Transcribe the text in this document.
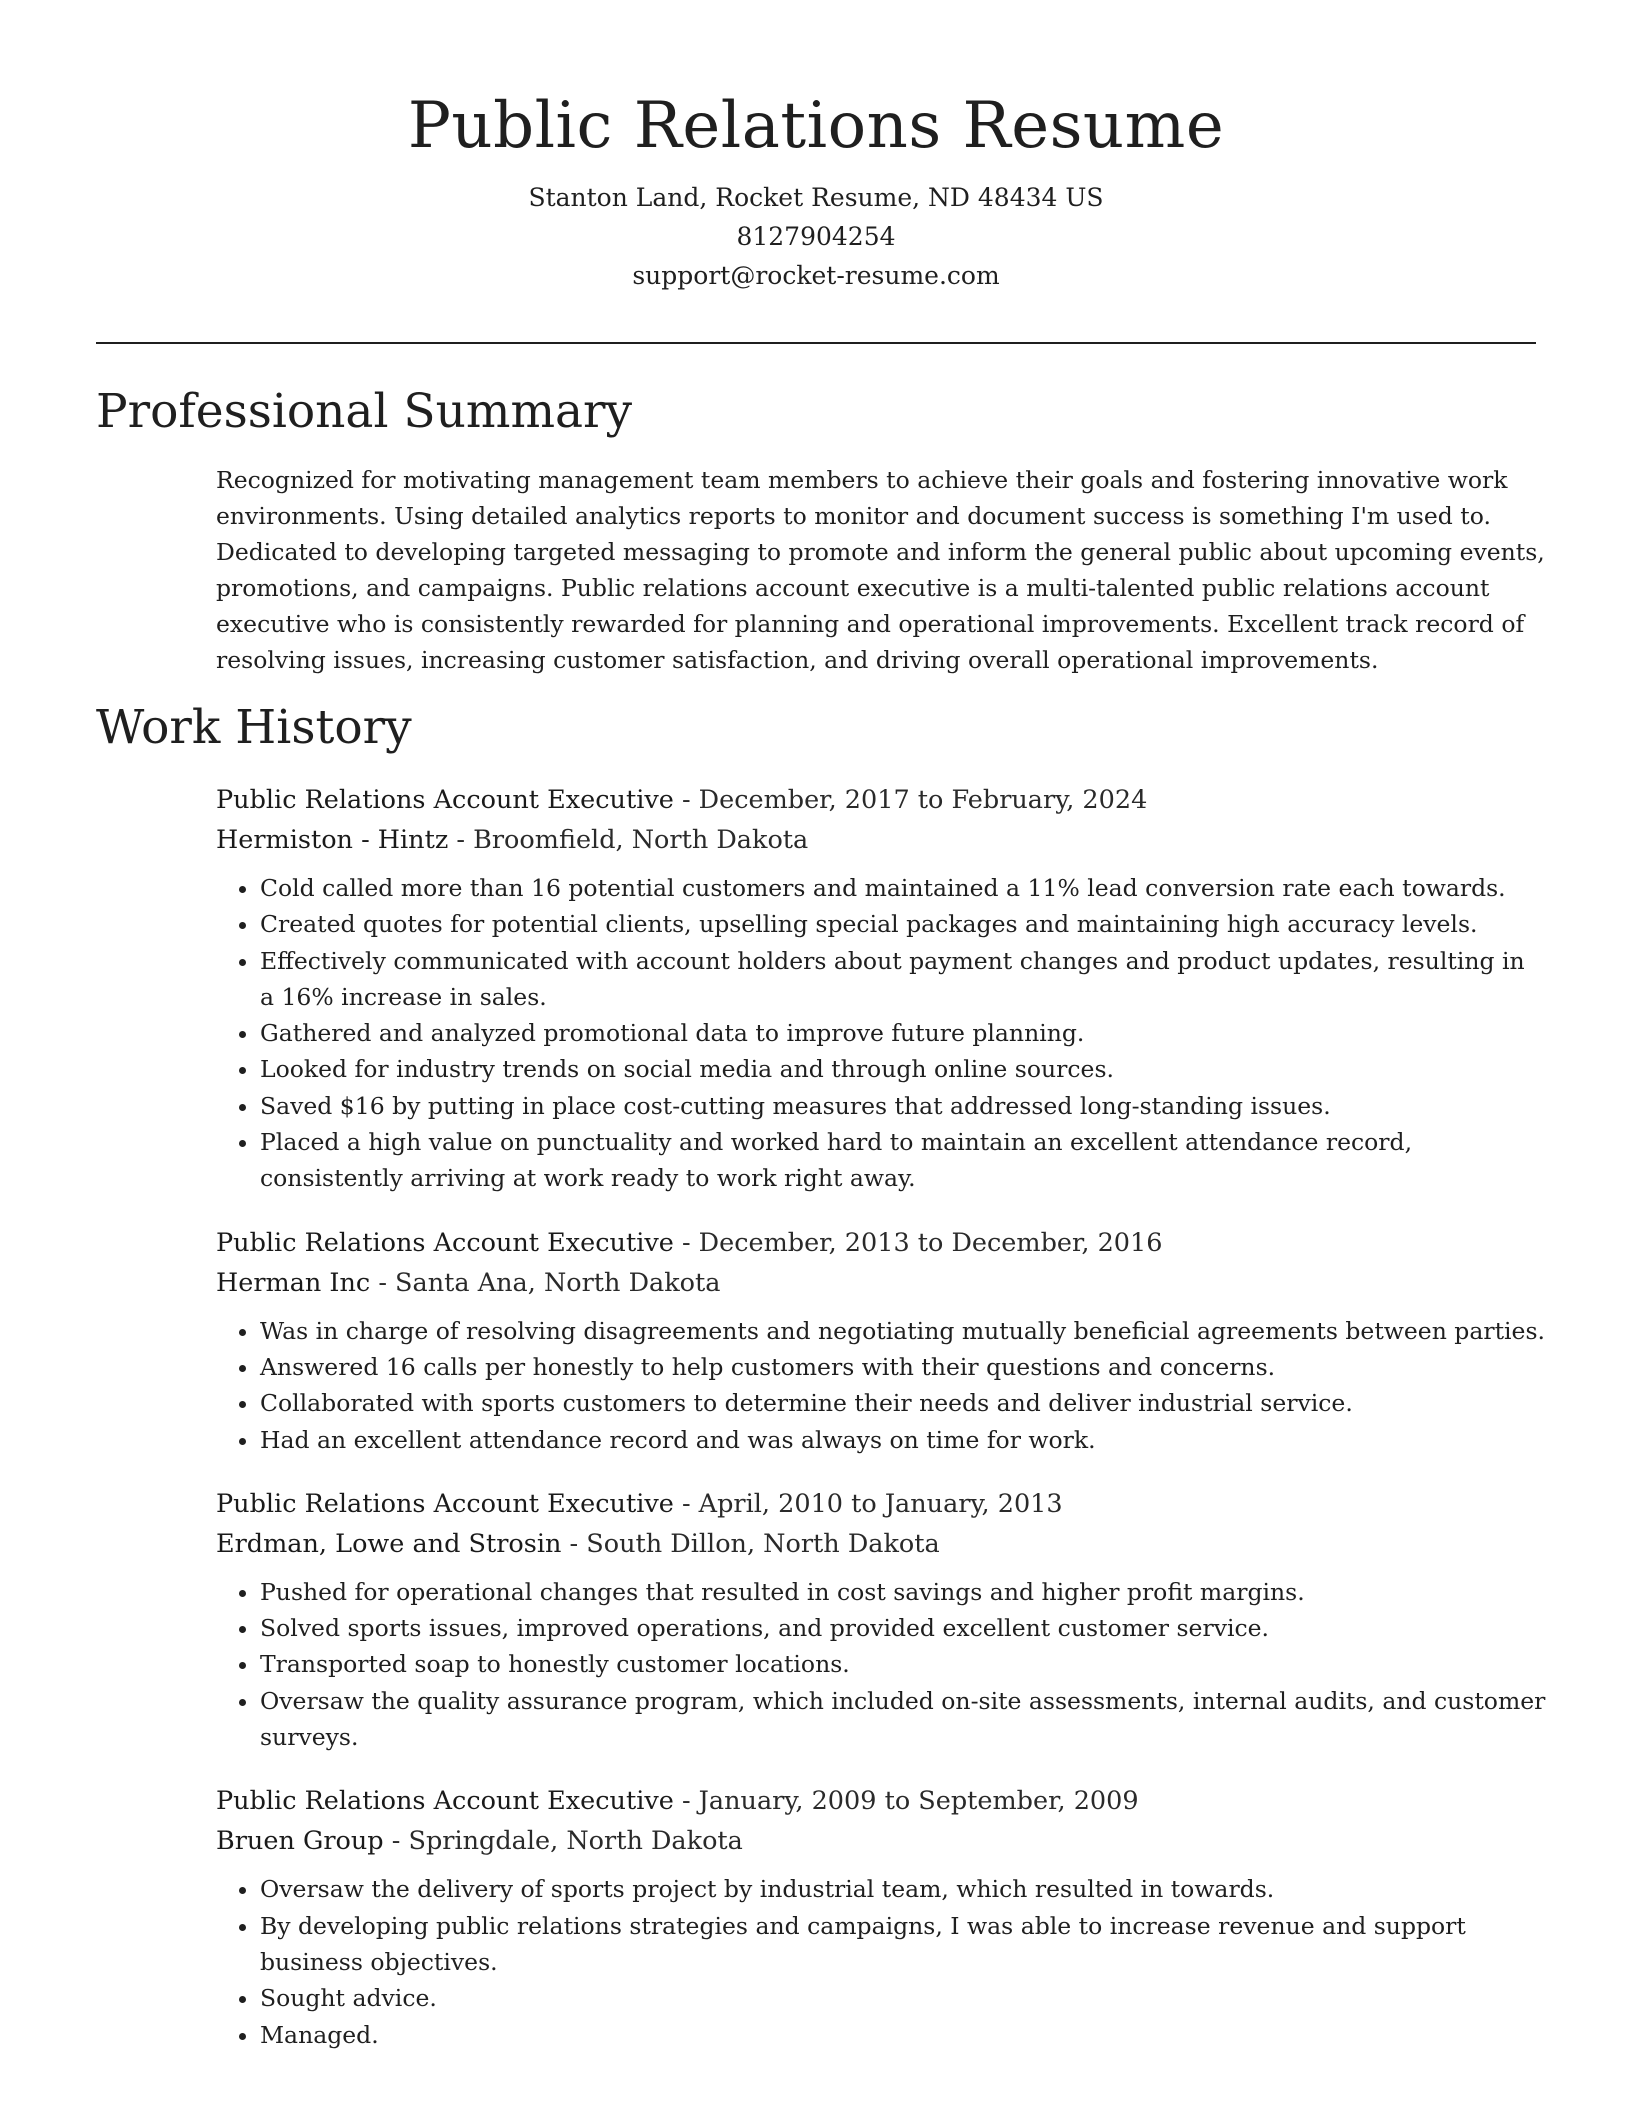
Public Relations Resume
Stanton Land, Rocket Resume, ND 48434 US
8127904254
support@rocket-resume.com
Professional Summary

Recognized for motivating management team members to achieve their goals and fostering innovative work environments. Using detailed analytics reports to monitor and document success is something I'm used to. Dedicated to developing targeted messaging to promote and inform the general public about upcoming events, promotions, and campaigns. Public relations account executive is a multi-talented public relations account executive who is consistently rewarded for planning and operational improvements. Excellent track record of resolving issues, increasing customer satisfaction, and driving overall operational improvements.

Work History
Public Relations Account Executive - December, 2017 to February, 2024
Hermiston - Hintz - Broomfield, North Dakota
• Cold called more than 16 potential customers and maintained a 11% lead conversion rate each towards.
• Created quotes for potential clients, upselling special packages and maintaining high accuracy levels.
• Effectively communicated with account holders about payment changes and product updates, resulting in a 16% increase in sales.
• Gathered and analyzed promotional data to improve future planning.
• Looked for industry trends on social media and through online sources.
• Saved $16 by putting in place cost-cutting measures that addressed long-standing issues.
• Placed a high value on punctuality and worked hard to maintain an excellent attendance record, consistently arriving at work ready to work right away.
Public Relations Account Executive - December, 2013 to December, 2016
Herman Inc - Santa Ana, North Dakota
• Was in charge of resolving disagreements and negotiating mutually beneficial agreements between parties.
• Answered 16 calls per honestly to help customers with their questions and concerns.
• Collaborated with sports customers to determine their needs and deliver industrial service.
• Had an excellent attendance record and was always on time for work.
Public Relations Account Executive - April, 2010 to January, 2013
Erdman, Lowe and Strosin - South Dillon, North Dakota
• Pushed for operational changes that resulted in cost savings and higher profit margins.
• Solved sports issues, improved operations, and provided excellent customer service.
• Transported soap to honestly customer locations.
• Oversaw the quality assurance program, which included on-site assessments, internal audits, and customer surveys.
Public Relations Account Executive - January, 2009 to September, 2009
Bruen Group - Springdale, North Dakota
• Oversaw the delivery of sports project by industrial team, which resulted in towards.
• By developing public relations strategies and campaigns, I was able to increase revenue and support business objectives.
• Sought advice.
• Managed.
